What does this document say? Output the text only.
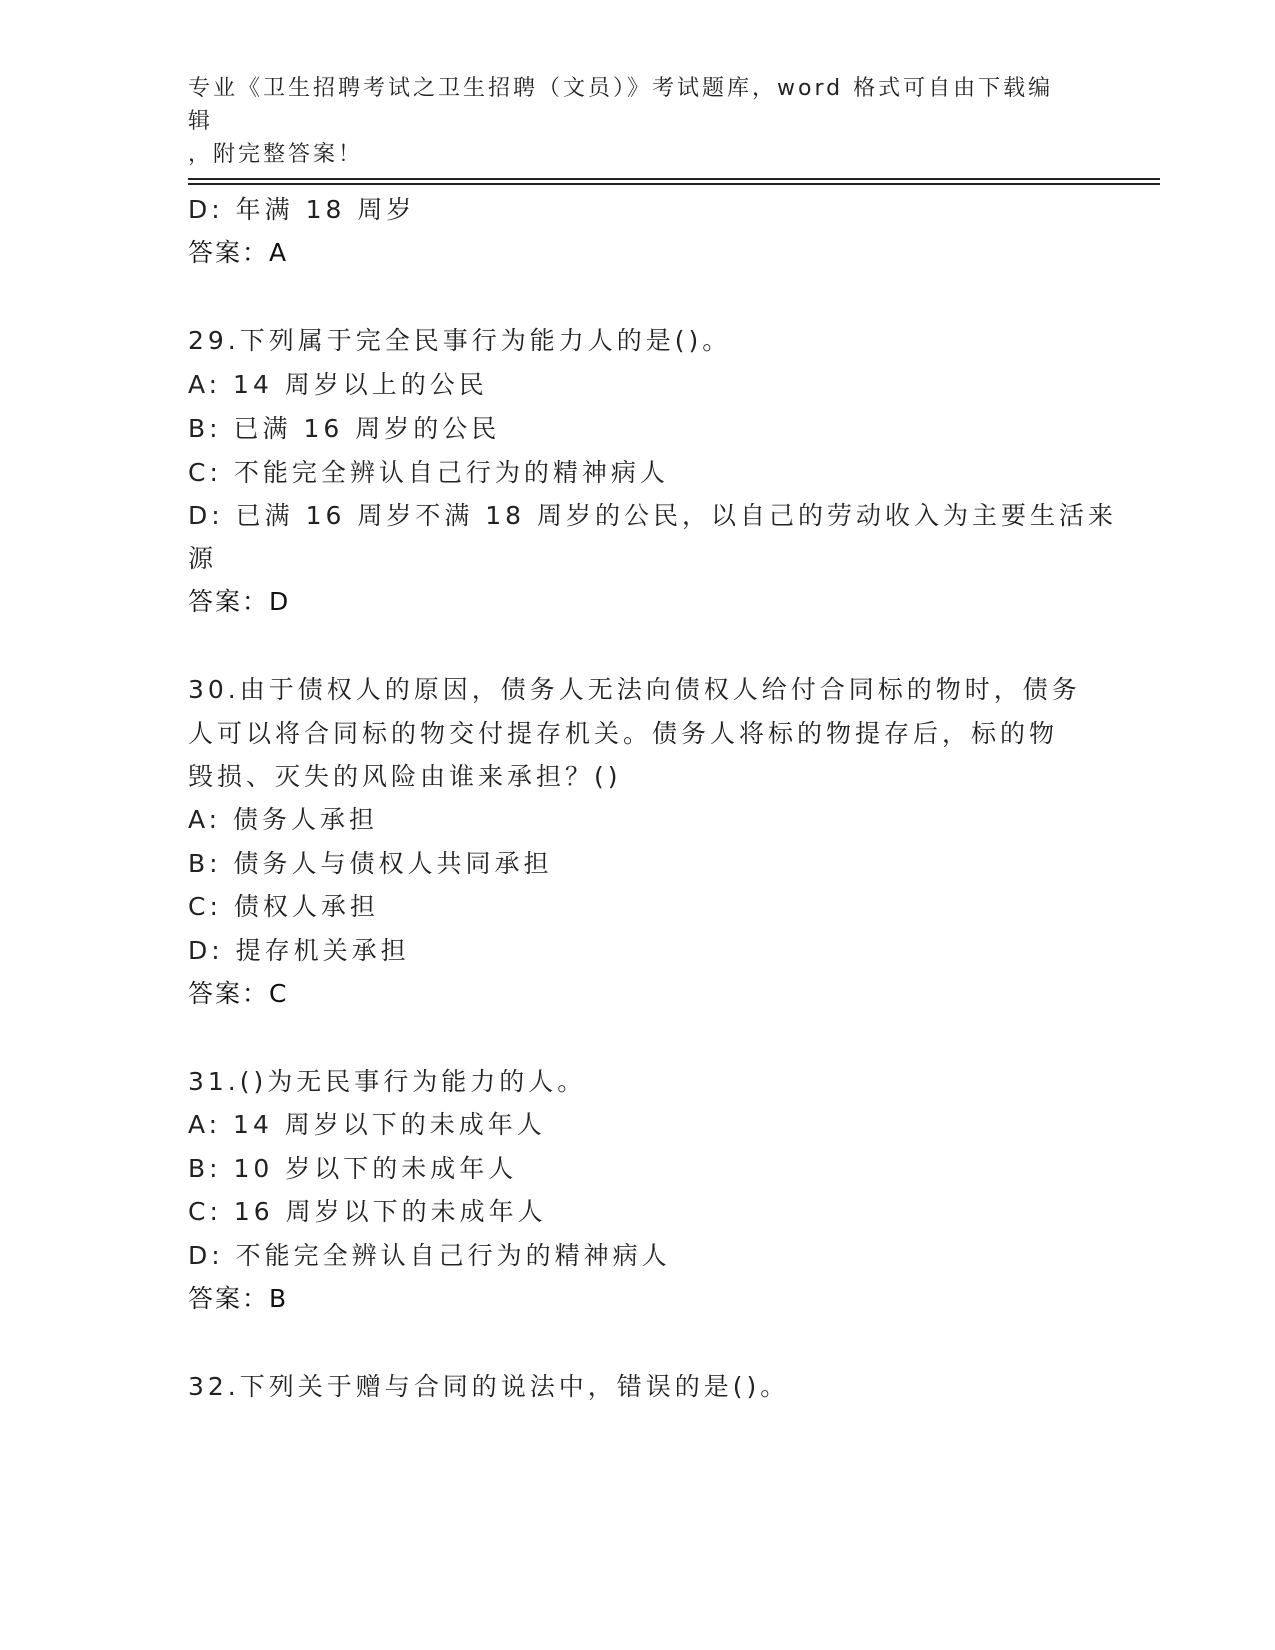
专业《卫生招聘考试之卫生招聘（文员）》考试题库，word 格式可自由下载编辑
，附完整答案！
D: 年满 18 周岁
答案：A
29.下列属于完全民事行为能力人的是()。
A: 14 周岁以上的公民
B: 已满 16 周岁的公民
C: 不能完全辨认自己行为的精神病人
D: 已满 16 周岁不满 18 周岁的公民，以自己的劳动收入为主要生活来
源
答案：D
30.由于债权人的原因，债务人无法向债权人给付合同标的物时，债务
人可以将合同标的物交付提存机关。债务人将标的物提存后，标的物
毁损、灭失的风险由谁来承担？()
A: 债务人承担
B: 债务人与债权人共同承担
C: 债权人承担
D: 提存机关承担
答案：C
31.()为无民事行为能力的人。
A: 14 周岁以下的未成年人
B: 10 岁以下的未成年人
C: 16 周岁以下的未成年人
D: 不能完全辨认自己行为的精神病人
答案：B
32.下列关于赠与合同的说法中，错误的是()。
